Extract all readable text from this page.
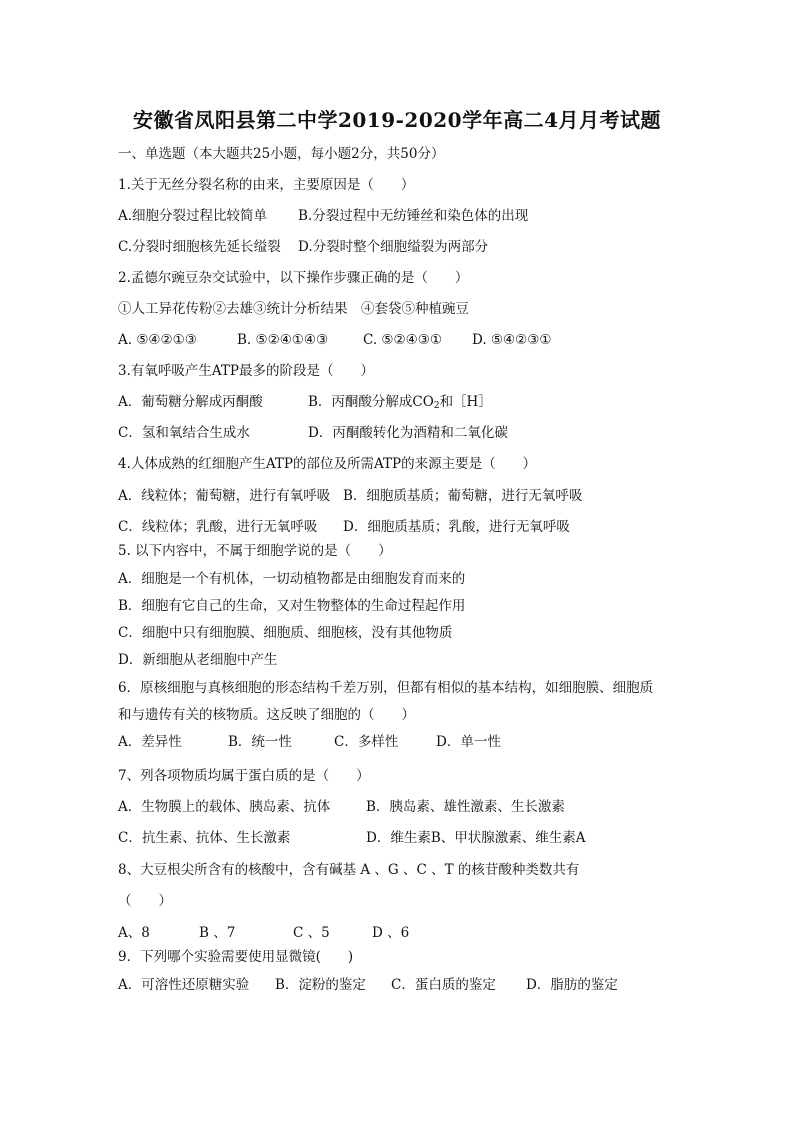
安徽省凤阳县第二中学2019-2020学年高二4月月考试题
一、单选题（本大题共25小题，每小题2分，共50分）
1.关于无丝分裂名称的由来，主要原因是（　　）
A.细胞分裂过程比较简单 B.分裂过程中无纺锤丝和染色体的出现
C.分裂时细胞核先延长缢裂 D.分裂时整个细胞缢裂为两部分
2.孟德尔豌豆杂交试验中，以下操作步骤正确的是（　　）
①人工异花传粉②去雄③统计分析结果　④套袋⑤种植豌豆
A. ⑤④②①③	B. ⑤②④①④③	C. ⑤②④③① D. ⑤④②③①
3.有氧呼吸产生ATP最多的阶段是（　　）
A．葡萄糖分解成丙酮酸	B．丙酮酸分解成$CO_2$和［H］
C．氢和氧结合生成水	D．丙酮酸转化为酒精和二氧化碳
4.人体成熟的红细胞产生ATP的部位及所需ATP的来源主要是（　　）
A．线粒体；葡萄糖，进行有氧呼吸 B．细胞质基质；葡萄糖，进行无氧呼吸
C．线粒体；乳酸，进行无氧呼吸 D．细胞质基质；乳酸，进行无氧呼吸
5. 以下内容中，不属于细胞学说的是（　　）
A．细胞是一个有机体，一切动植物都是由细胞发育而来的
B．细胞有它自己的生命，又对生物整体的生命过程起作用
C．细胞中只有细胞膜、细胞质、细胞核，没有其他物质
D．新细胞从老细胞中产生
6．原核细胞与真核细胞的形态结构千差万别，但都有相似的基本结构，如细胞膜、细胞质
和与遗传有关的核物质。这反映了细胞的（　　）
A．差异性	B．统一性	C．多样性	D．单一性
7、列各项物质均属于蛋白质的是（　　）
A．生物膜上的载体、胰岛素、抗体	B．胰岛素、雄性激素、生长激素
C．抗生素、抗体、生长激素	D．维生素B、甲状腺激素、维生素A
8、大豆根尖所含有的核酸中，含有碱基 A 、G 、C 、T 的核苷酸种类数共有
（　　）
A、8	B 、7	C 、5	D 、6
9．下列哪个实验需要使用显微镜(　　)
A．可溶性还原糖实验 B．淀粉的鉴定 C．蛋白质的鉴定 D．脂肪的鉴定
